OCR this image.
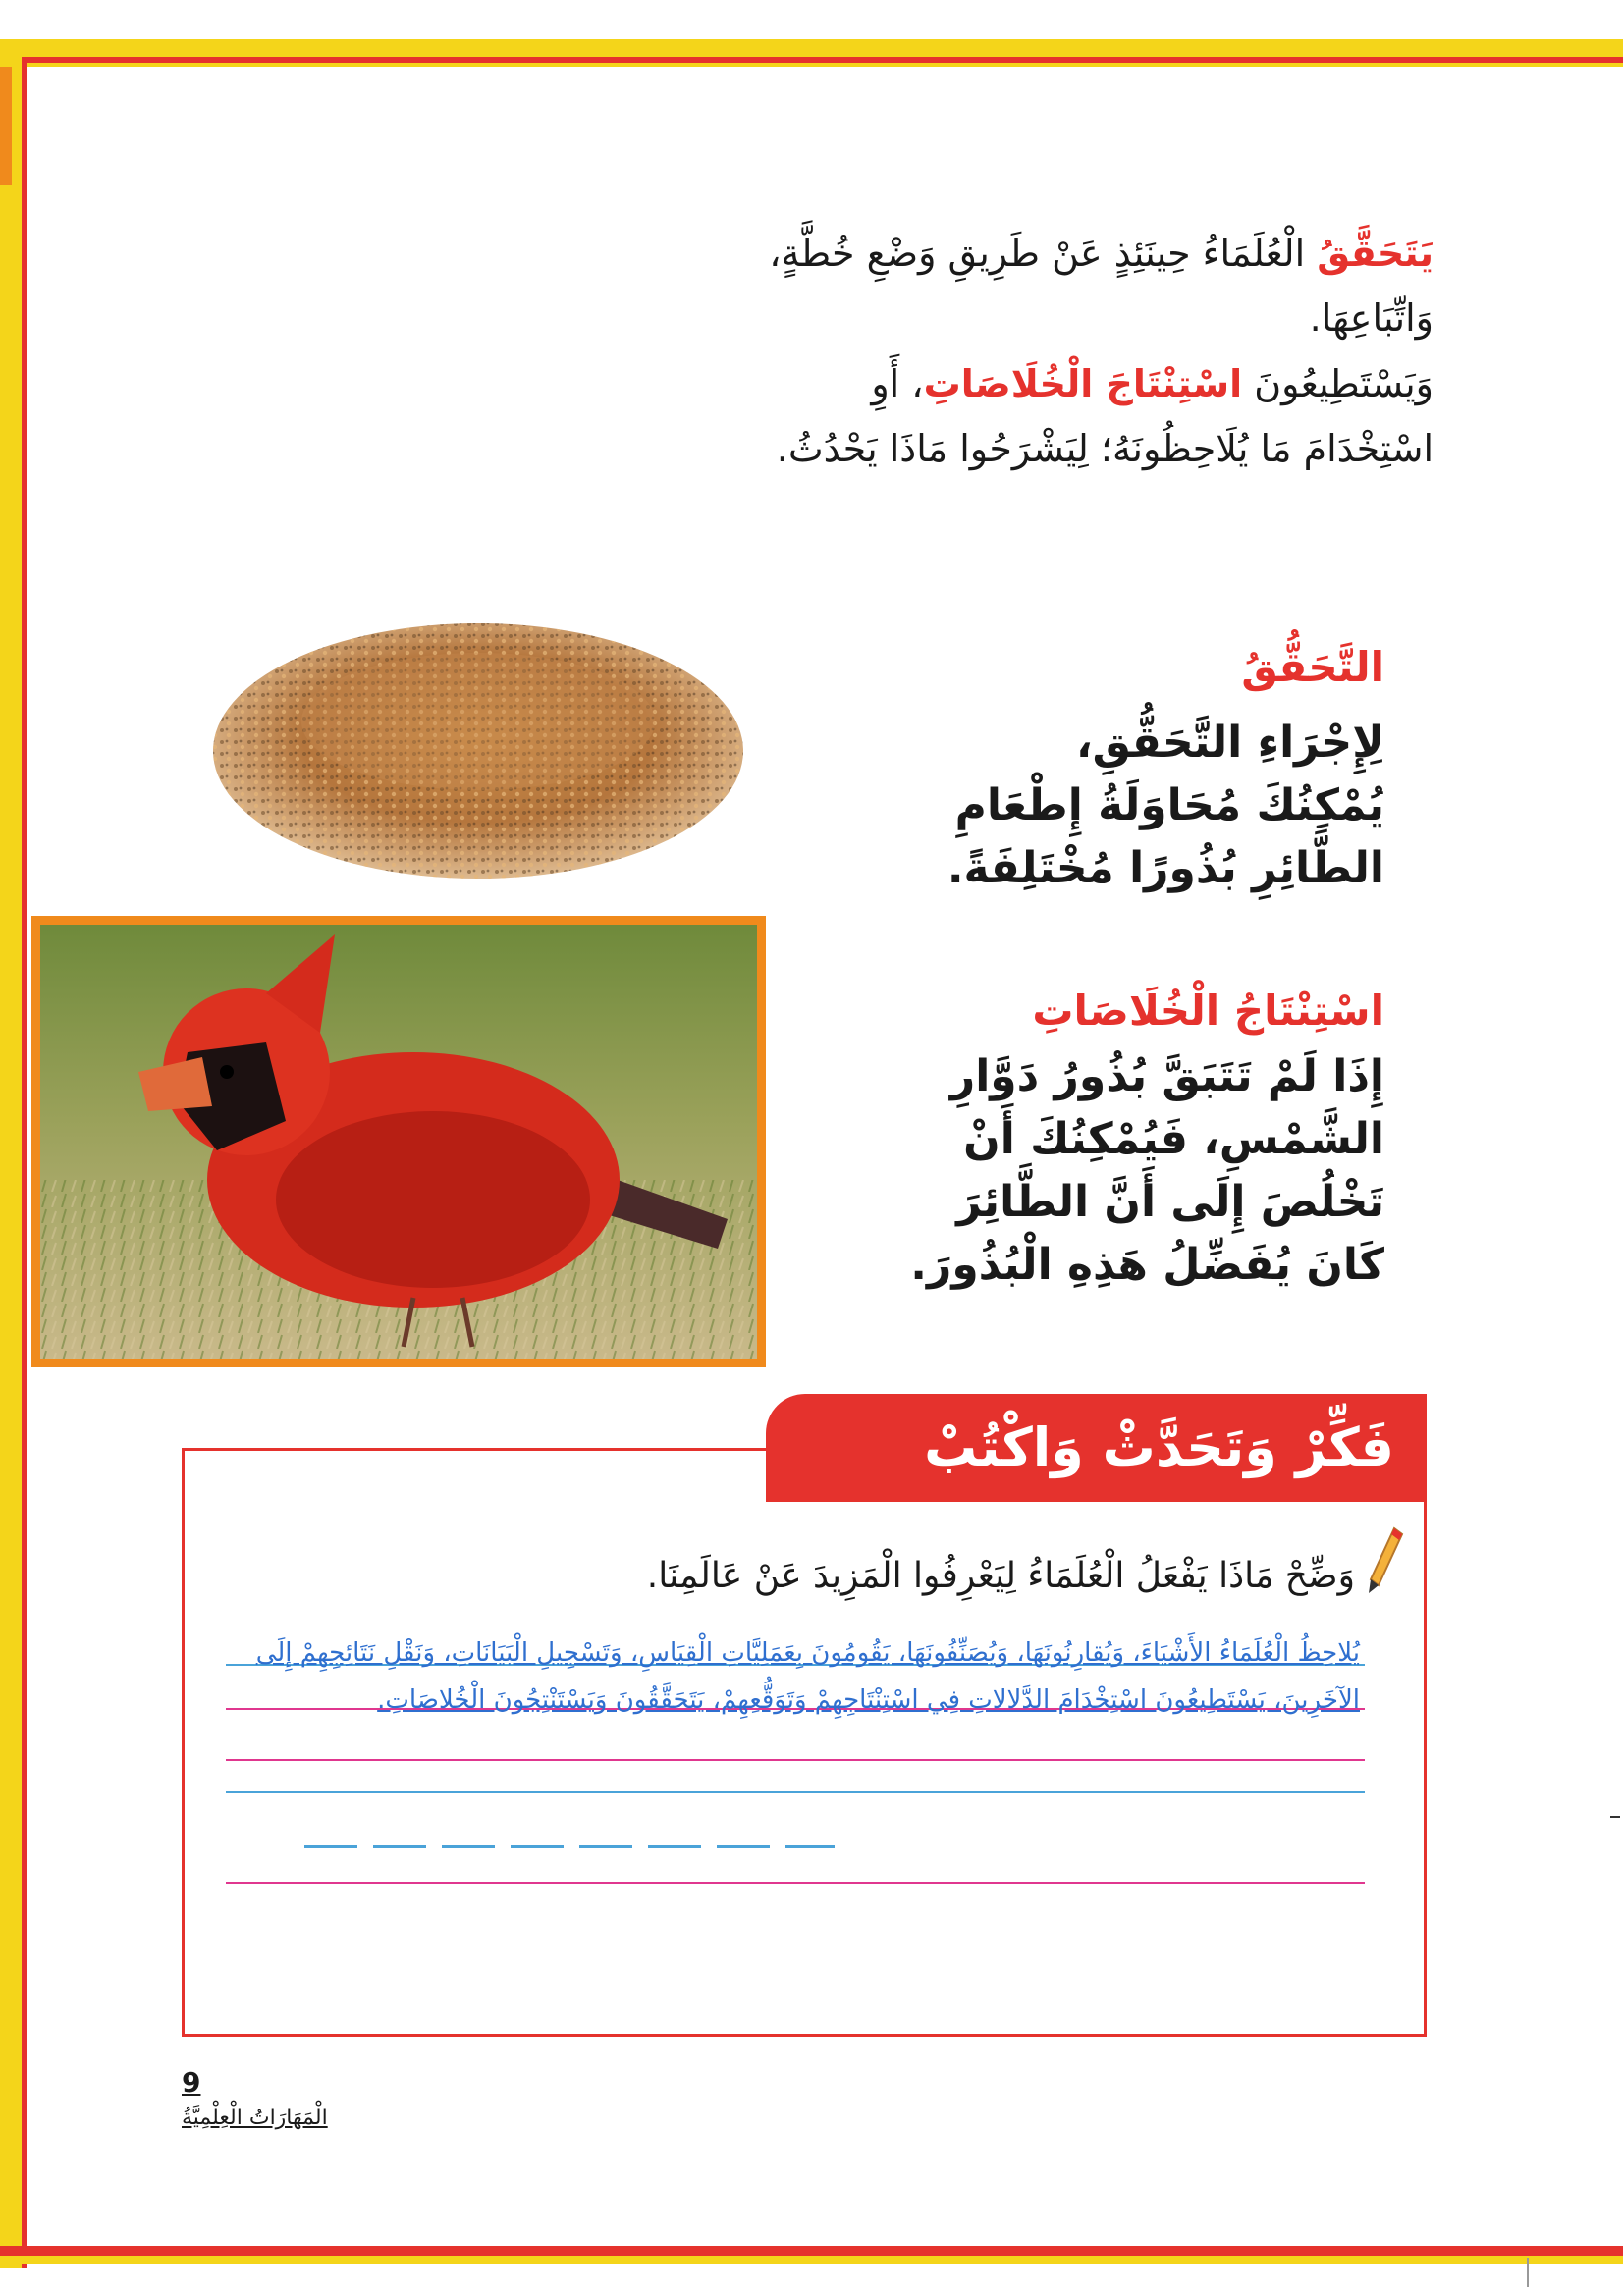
يَتَحَقَّقُ الْعُلَمَاءُ حِينَئِذٍ عَنْ طَرِيقِ وَضْعِ خُطَّةٍ، وَاتِّبَاعِهَا.
وَيَسْتَطِيعُونَ اسْتِنْتَاجَ الْخُلَاصَاتِ، أَوِ اسْتِخْدَامَ مَا يُلَاحِظُونَهُ؛ لِيَشْرَحُوا مَاذَا يَحْدُثُ.
التَّحَقُّقُ
لِإِجْرَاءِ التَّحَقُّقِ، يُمْكِنُكَ مُحَاوَلَةُ إِطْعَامِ الطَّائِرِ بُذُورًا مُخْتَلِفَةً.
اسْتِنْتَاجُ الْخُلَاصَاتِ
إِذَا لَمْ تَتَبَقَّ بُذُورُ دَوَّارِ الشَّمْسِ، فَيُمْكِنُكَ أَنْ تَخْلُصَ إِلَى أَنَّ الطَّائِرَ كَانَ يُفَضِّلُ هَذِهِ الْبُذُورَ.
فَكِّرْ وَتَحَدَّثْ وَاكْتُبْ
وَضِّحْ مَاذَا يَفْعَلُ الْعُلَمَاءُ لِيَعْرِفُوا الْمَزِيدَ عَنْ عَالَمِنَا.
يُلاحِظُ الْعُلَمَاءُ الأَشْيَاءَ، وَيُقارِنُونَهَا، وَيُصَنِّفُونَهَا، يَقُومُونَ بِعَمَلِيَّاتِ الْقِيَاسِ، وَتَسْجِيلِ الْبَيَانَاتِ، وَنَقْلِ نَتَائِجِهِمْ إِلَى الآخَرِينَ، يَسْتَطِيعُونَ اسْتِخْدَامَ الدَّلالاتِ فِي اسْتِنْتَاجِهِمْ وَتَوَقُّعِهِمْ، يَتَحَقَّقُونَ وَيَسْتَنْتِجُونَ الْخُلاصَاتِ.
9
الْمَهَارَاتُ الْعِلْمِيَّةُ
